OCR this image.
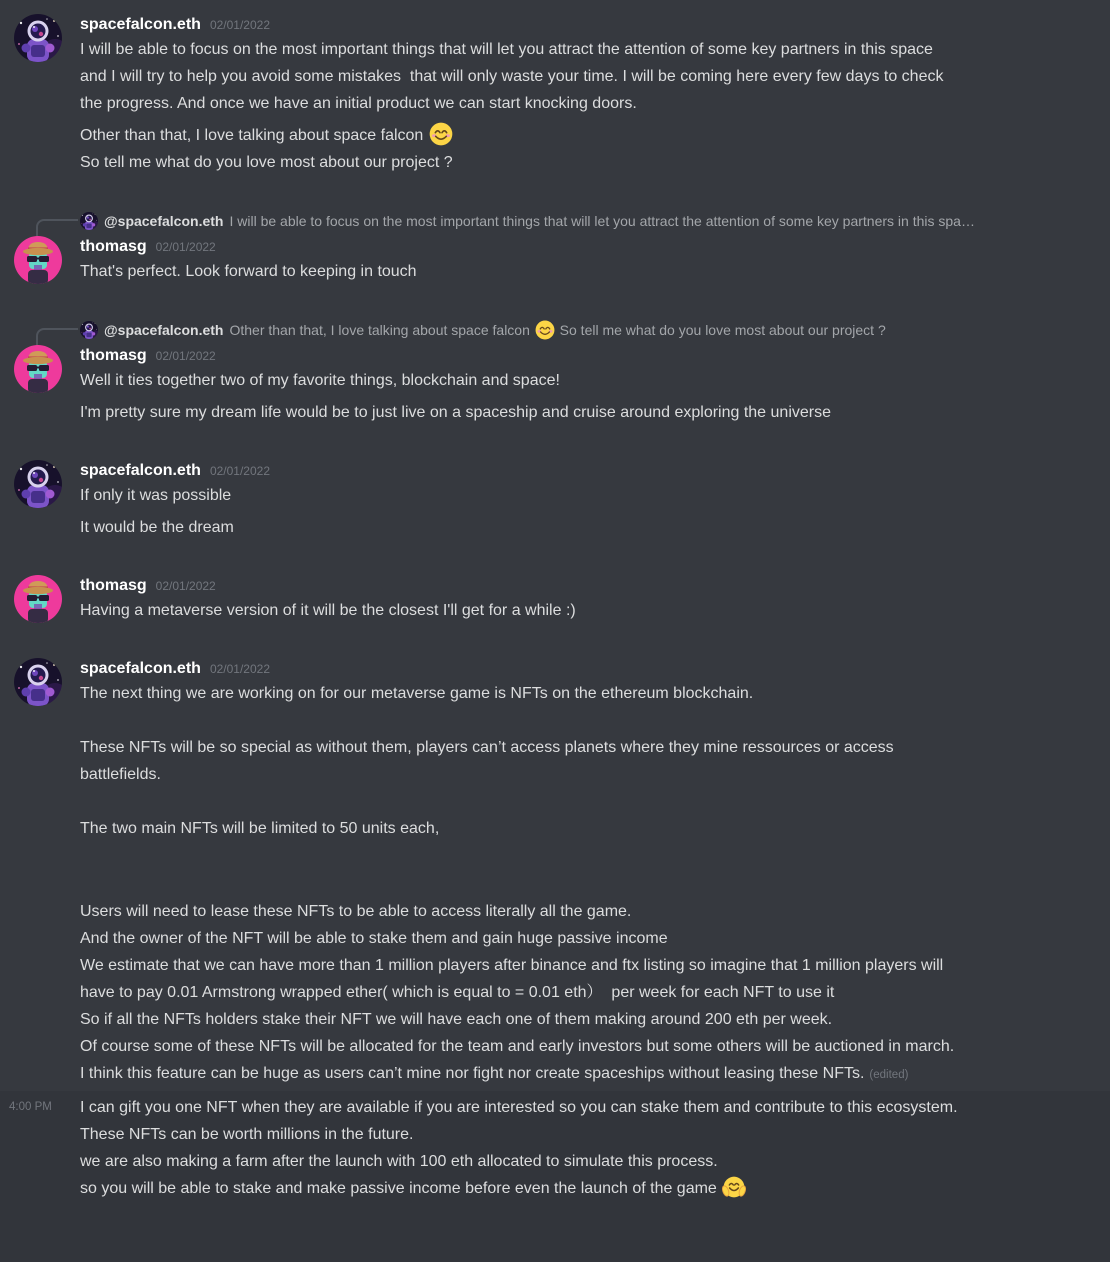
spacefalcon.eth 02/01/2022
I will be able to focus on the most important things that will let you attract the attention of some key partners in this space
and I will try to help you avoid some mistakes  that will only waste your time. I will be coming here every few days to check
the progress. And once we have an initial product we can start knocking doors.
Other than that, I love talking about space falcon

So tell me what do you love most about our project ?
@spacefalcon.eth I will be able to focus on the most important things that will let you attract the attention of some key partners in this spa…
thomasg 02/01/2022
That's perfect. Look forward to keeping in touch
@spacefalcon.eth Other than that, I love talking about space falcon
So tell me what do you love most about our project ?
thomasg 02/01/2022
Well it ties together two of my favorite things, blockchain and space!
I'm pretty sure my dream life would be to just live on a spaceship and cruise around exploring the universe
spacefalcon.eth 02/01/2022
If only it was possible
It would be the dream
thomasg 02/01/2022
Having a metaverse version of it will be the closest I'll get for a while :)
spacefalcon.eth 02/01/2022
The next thing we are working on for our metaverse game is NFTs on the ethereum blockchain.
These NFTs will be so special as without them, players can’t access planets where they mine ressources or access
battlefields.
The two main NFTs will be limited to 50 units each,
Users will need to lease these NFTs to be able to access literally all the game.
And the owner of the NFT will be able to stake them and gain huge passive income
We estimate that we can have more than 1 million players after binance and ftx listing so imagine that 1 million players will
have to pay 0.01 Armstrong wrapped ether( which is equal to = 0.01 eth）  per week for each NFT to use it
So if all the NFTs holders stake their NFT we will have each one of them making around 200 eth per week.
Of course some of these NFTs will be allocated for the team and early investors but some others will be auctioned in march.
I think this feature can be huge as users can’t mine nor fight nor create spaceships without leasing these NFTs. (edited)
4:00 PM I can gift you one NFT when they are available if you are interested so you can stake them and contribute to this ecosystem.
These NFTs can be worth millions in the future.
we are also making a farm after the launch with 100 eth allocated to simulate this process.
so you will be able to stake and make passive income before even the launch of the game
